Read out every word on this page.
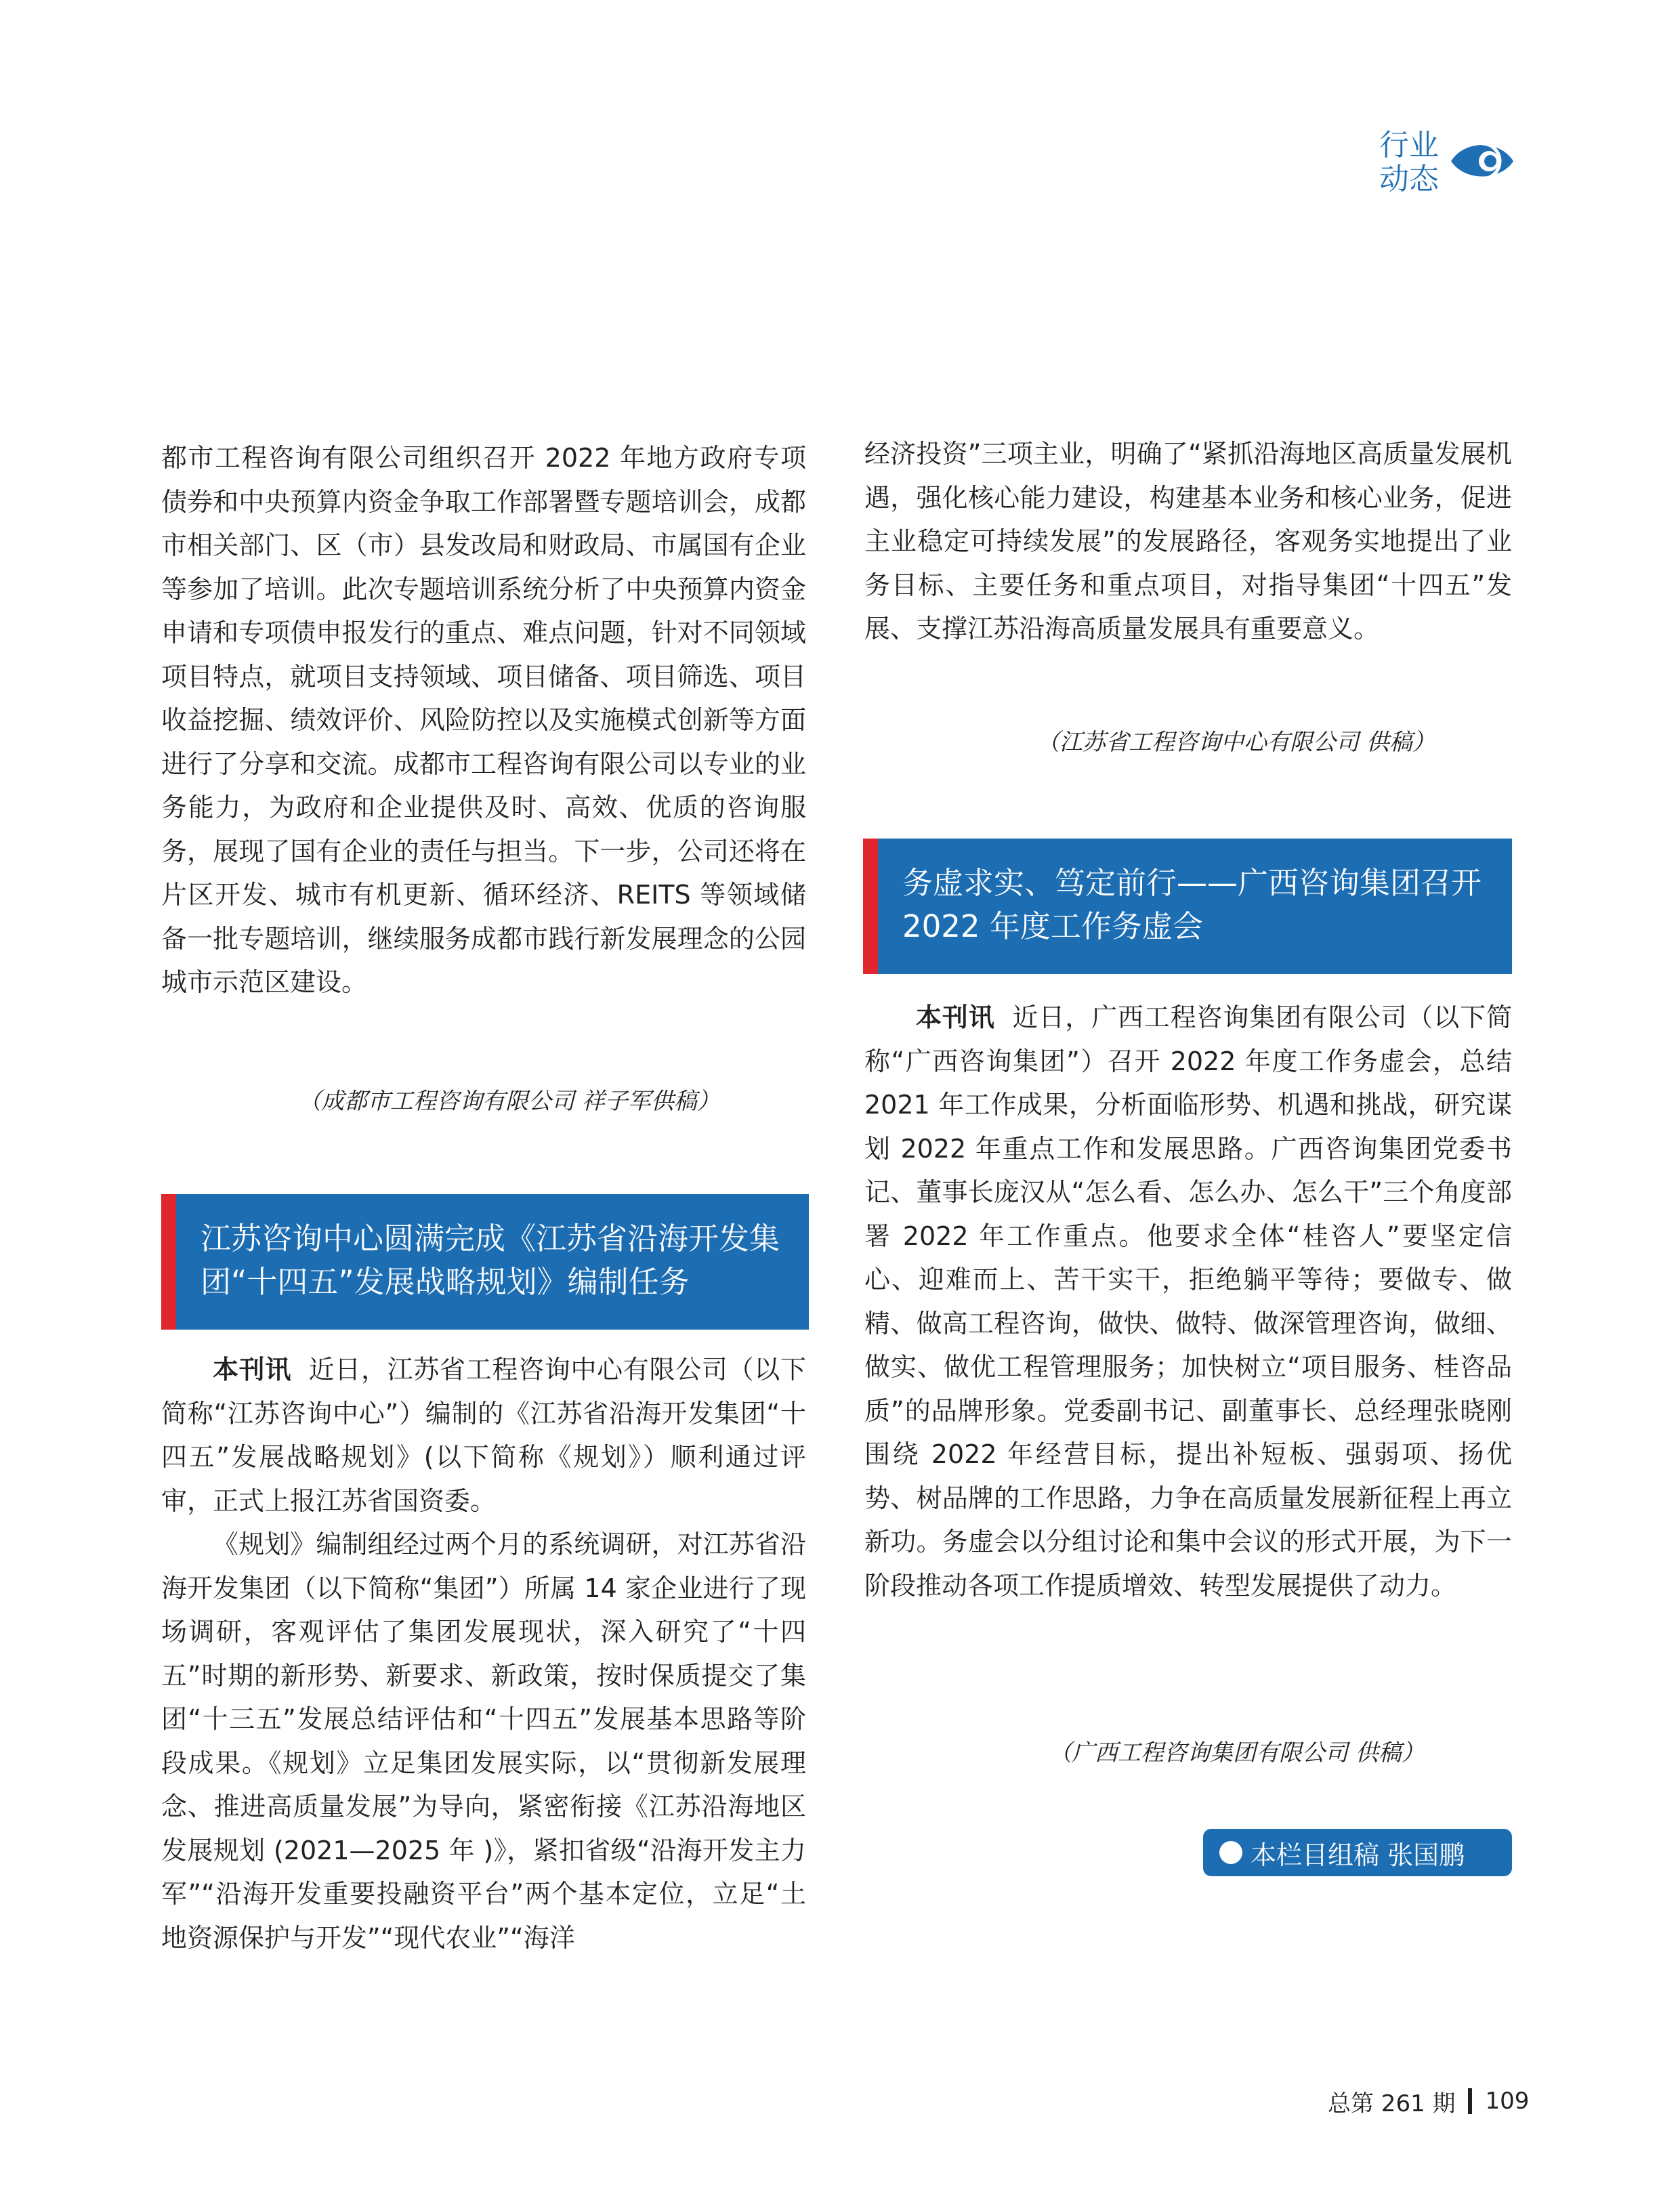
行业
动态

都市工程咨询有限公司组织召开 2022 年地方政府专项债券和中央预算内资金争取工作部署暨专题培训会，成都市相关部门、区（市）县发改局和财政局、市属国有企业等参加了培训。此次专题培训系统分析了中央预算内资金申请和专项债申报发行的重点、难点问题，针对不同领域项目特点，就项目支持领域、项目储备、项目筛选、项目收益挖掘、绩效评价、风险防控以及实施模式创新等方面进行了分享和交流。成都市工程咨询有限公司以专业的业务能力，为政府和企业提供及时、高效、优质的咨询服务，展现了国有企业的责任与担当。下一步，公司还将在片区开发、城市有机更新、循环经济、REITS 等领域储备一批专题培训，继续服务成都市践行新发展理念的公园城市示范区建设。

（成都市工程咨询有限公司 祥子军供稿）
江苏咨询中心圆满完成《江苏省沿海开发集团“十四五”发展战略规划》编制任务

本刊讯 近日，江苏省工程咨询中心有限公司（以下简称“江苏咨询中心”）编制的《江苏省沿海开发集团“十四五”发展战略规划》(以下简称《规划》）顺利通过评审，正式上报江苏省国资委。

《规划》编制组经过两个月的系统调研，对江苏省沿海开发集团（以下简称“集团”）所属 14 家企业进行了现场调研，客观评估了集团发展现状，深入研究了“十四五”时期的新形势、新要求、新政策，按时保质提交了集团“十三五”发展总结评估和“十四五”发展基本思路等阶段成果。《规划》立足集团发展实际，以“贯彻新发展理念、推进高质量发展”为导向，紧密衔接《江苏沿海地区发展规划 (2021—2025 年 )》，紧扣省级“沿海开发主力军”“沿海开发重要投融资平台”两个基本定位，立足“土地资源保护与开发”“现代农业”“海洋

经济投资”三项主业，明确了“紧抓沿海地区高质量发展机遇，强化核心能力建设，构建基本业务和核心业务，促进主业稳定可持续发展”的发展路径，客观务实地提出了业务目标、主要任务和重点项目，对指导集团“十四五”发展、支撑江苏沿海高质量发展具有重要意义。

（江苏省工程咨询中心有限公司 供稿）
务虚求实、笃定前行——广西咨询集团召开 2022 年度工作务虚会

本刊讯 近日，广西工程咨询集团有限公司（以下简称“广西咨询集团”）召开 2022 年度工作务虚会，总结 2021 年工作成果，分析面临形势、机遇和挑战，研究谋划 2022 年重点工作和发展思路。广西咨询集团党委书记、董事长庞汉从“怎么看、怎么办、怎么干”三个角度部署 2022 年工作重点。他要求全体“桂咨人”要坚定信心、迎难而上、苦干实干，拒绝躺平等待；要做专、做精、做高工程咨询，做快、做特、做深管理咨询，做细、做实、做优工程管理服务；加快树立“项目服务、桂咨品质”的品牌形象。党委副书记、副董事长、总经理张晓刚围绕 2022 年经营目标，提出补短板、强弱项、扬优势、树品牌的工作思路，力争在高质量发展新征程上再立新功。务虚会以分组讨论和集中会议的形式开展，为下一阶段推动各项工作提质增效、转型发展提供了动力。

（广西工程咨询集团有限公司 供稿）
本栏目组稿 张国鹏
总第 261 期 109
